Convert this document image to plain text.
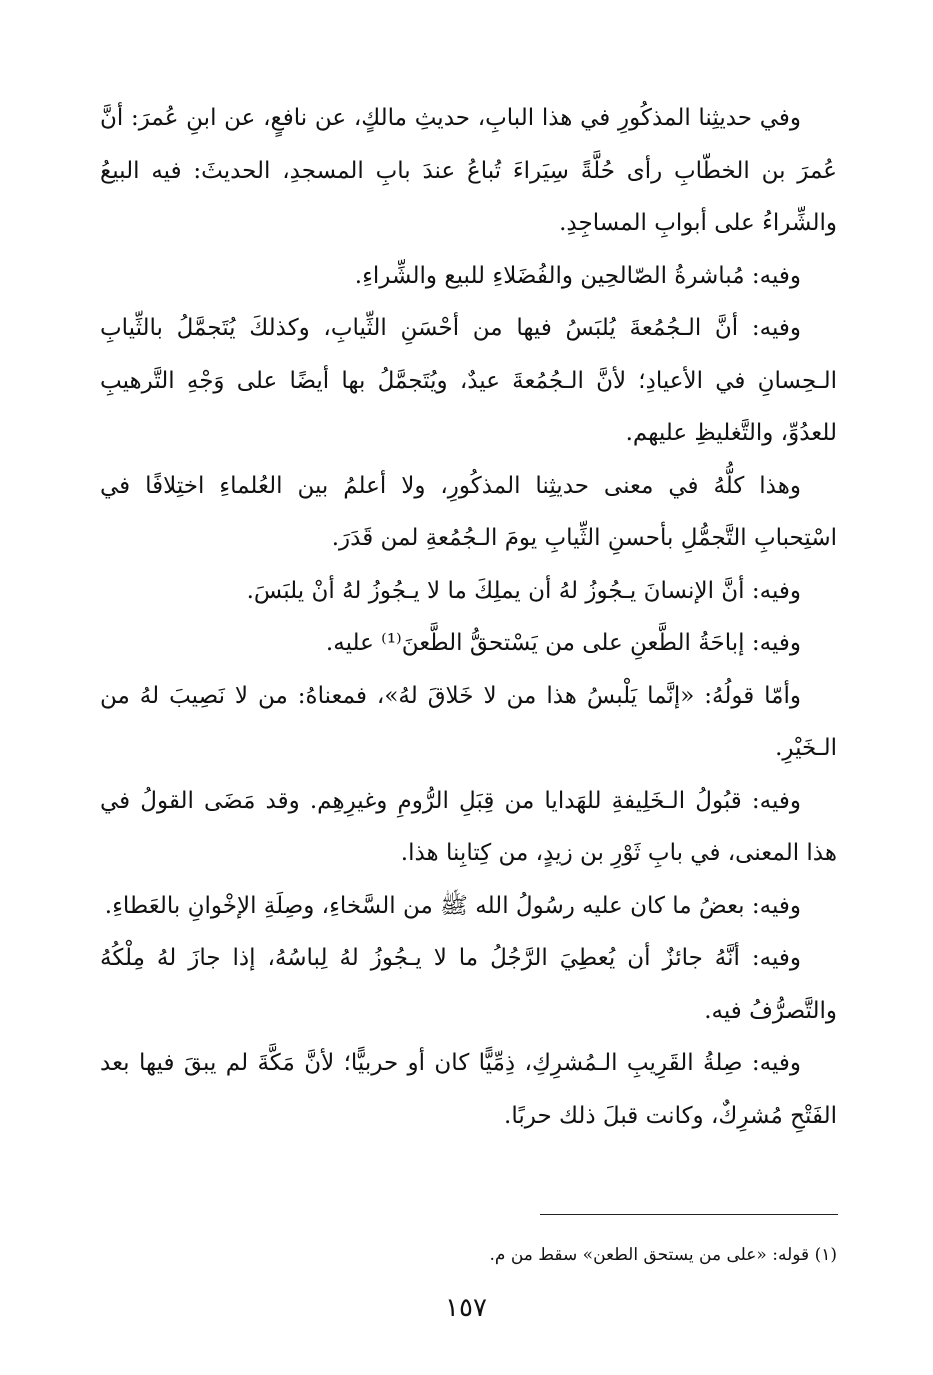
وفي حديثِنا المذكُورِ في هذا البابِ، حديثِ مالكٍ، عن نافعٍ، عن ابنِ عُمرَ: أنَّ عُمرَ بن الخطّابِ رأى حُلَّةً سِيَراءَ تُباعُ عندَ بابِ المسجدِ، الحديثَ: فيه البيعُ والشِّراءُ على أبوابِ المساجِدِ.

وفيه: مُباشرةُ الصّالحِين والفُضَلاءِ للبيع والشِّراءِ.

وفيه: أنَّ الـجُمُعةَ يُلبَسُ فيها من أحْسَنِ الثِّيابِ، وكذلكَ يُتَجمَّلُ بالثِّيابِ الـحِسانِ في الأعيادِ؛ لأنَّ الـجُمُعةَ عيدٌ، ويُتَجمَّلُ بها أيضًا على وَجْهِ التَّرهيبِ للعدُوِّ، والتَّغليظِ عليهم.

وهذا كلُّهُ في معنى حديثِنا المذكُورِ، ولا أعلمُ بين العُلماءِ اختِلافًا في اسْتِحبابِ التَّجمُّلِ بأحسنِ الثِّيابِ يومَ الـجُمُعةِ لمن قَدَرَ.

وفيه: أنَّ الإنسانَ يـجُوزُ لهُ أن يملِكَ ما لا يـجُوزُ لهُ أنْ يلبَسَ.

وفيه: إباحَةُ الطَّعنِ على من يَسْتحقُّ الطَّعنَ⁽¹⁾ عليه.

وأمّا قولُهُ: «إنَّما يَلْبسُ هذا من لا خَلاقَ لهُ»، فمعناهُ: من لا نَصِيبَ لهُ من الـخَيْرِ.

وفيه: قبُولُ الـخَلِيفةِ للهَدايا من قِبَلِ الرُّومِ وغيرِهِم. وقد مَضَى القولُ في هذا المعنى، في بابِ ثَوْرِ بن زيدٍ، من كِتابِنا هذا.

وفيه: بعضُ ما كان عليه رسُولُ الله ﷺ من السَّخاءِ، وصِلَةِ الإخْوانِ بالعَطاءِ.

وفيه: أنَّهُ جائزٌ أن يُعطِيَ الرَّجُلُ ما لا يـجُوزُ لهُ لِباسُهُ، إذا جازَ لهُ مِلْكُهُ والتَّصرُّفُ فيه.

وفيه: صِلةُ القَرِيبِ الـمُشرِكِ، ذِمِّيًّا كان أو حربيًّا؛ لأنَّ مَكَّةَ لم يبقَ فيها بعد الفَتْحِ مُشرِكٌ، وكانت قبلَ ذلك حربًا.

(١) قوله: «على من يستحق الطعن» سقط من م.
١٥٧
